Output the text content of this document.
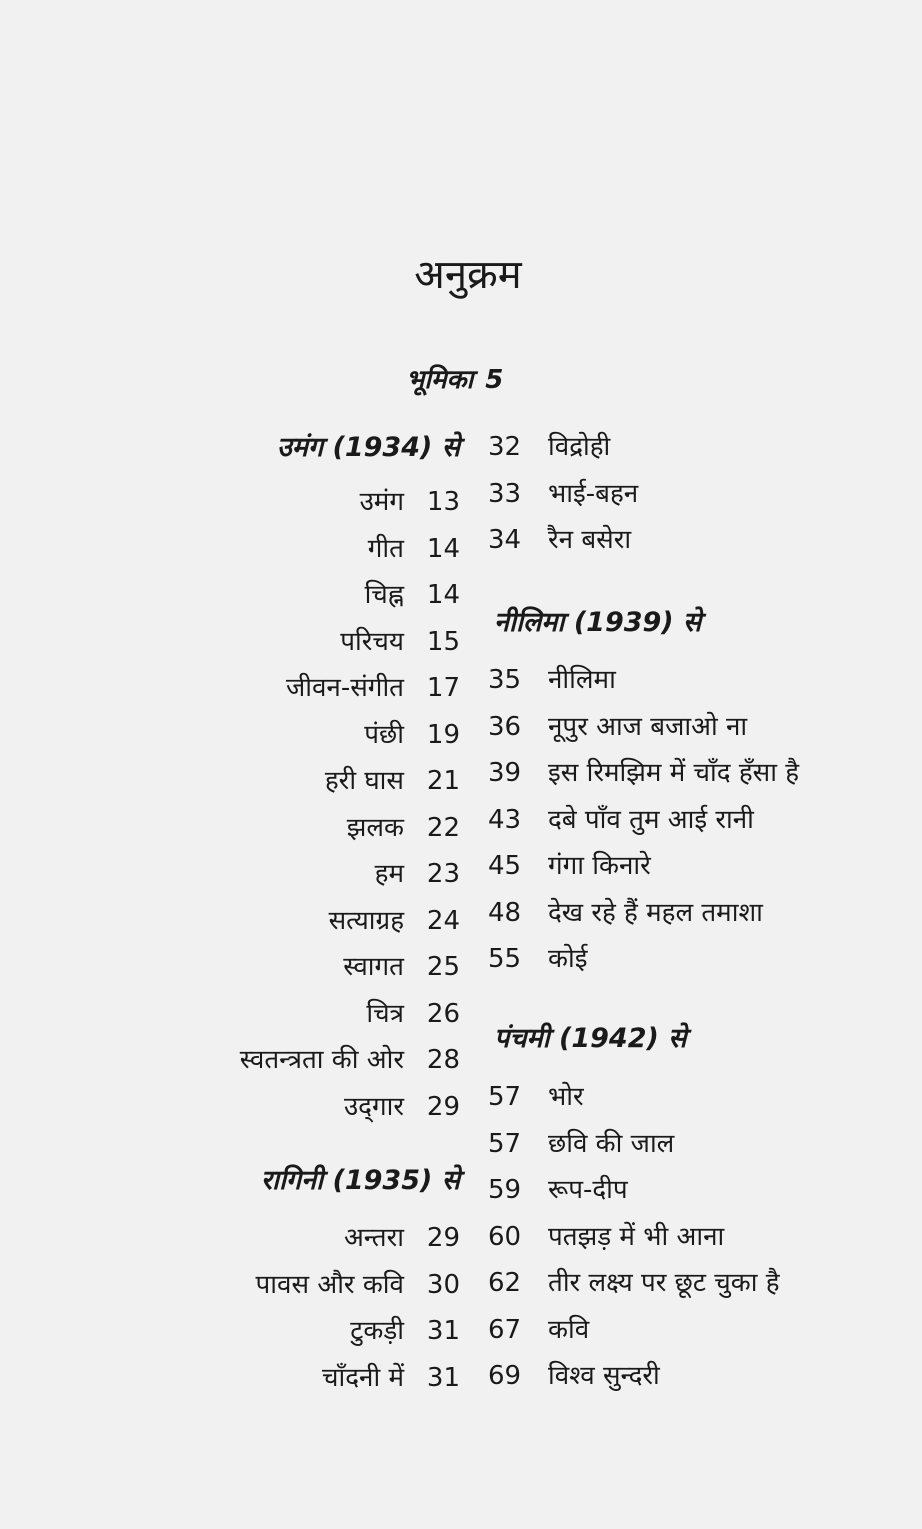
अनुक्रम
भूमिका 5
उमंग (1934) से
उमंग 13
गीत 14
चिह्न 14
परिचय 15
जीवन-संगीत 17
पंछी 19
हरी घास 21
झलक 22
हम 23
सत्याग्रह 24
स्वागत 25
चित्र 26
स्वतन्त्रता की ओर 28
उद्‌गार 29
रागिनी (1935) से
अन्तरा 29
पावस और कवि 30
टुकड़ी 31
चाँदनी में 31
32	विद्रोही
33	भाई-बहन
34	रैन बसेरा
नीलिमा (1939) से
35	नीलिमा
36	नूपुर आज बजाओ ना
39	इस रिमझिम में चाँद हँसा है
43	दबे पाँव तुम आई रानी
45	गंगा किनारे
48	देख रहे हैं महल तमाशा
55	कोई
पंचमी (1942) से
57	भोर
57	छवि की जाल
59	रूप-दीप
60	पतझड़ में भी आना
62	तीर लक्ष्य पर छूट चुका है
67	कवि
69	विश्व सुन्दरी
